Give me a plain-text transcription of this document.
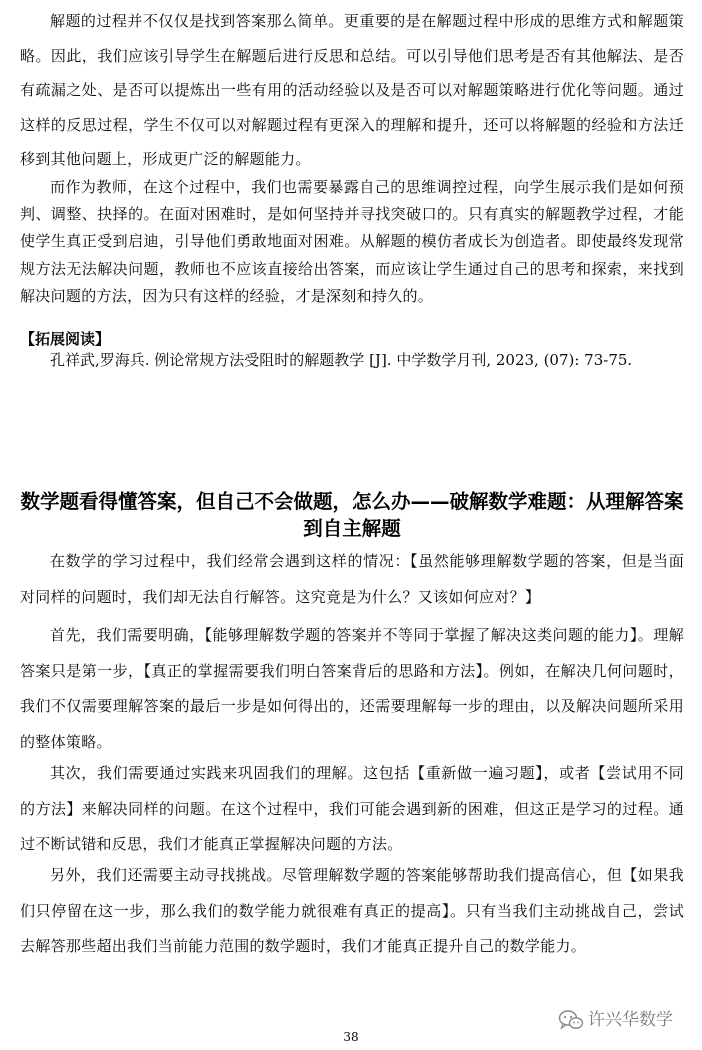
解题的过程并不仅仅是找到答案那么简单。更重要的是在解题过程中形成的思维方式和解题策略。因此，我们应该引导学生在解题后进行反思和总结。可以引导他们思考是否有其他解法、是否有疏漏之处、是否可以提炼出一些有用的活动经验以及是否可以对解题策略进行优化等问题。通过这样的反思过程，学生不仅可以对解题过程有更深入的理解和提升，还可以将解题的经验和方法迁移到其他问题上，形成更广泛的解题能力。

而作为教师，在这个过程中，我们也需要暴露自己的思维调控过程，向学生展示我们是如何预判、调整、抉择的。在面对困难时，是如何坚持并寻找突破口的。只有真实的解题教学过程，才能使学生真正受到启迪，引导他们勇敢地面对困难。从解题的模仿者成长为创造者。即使最终发现常规方法无法解决问题，教师也不应该直接给出答案，而应该让学生通过自己的思考和探索，来找到解决问题的方法，因为只有这样的经验，才是深刻和持久的。

【拓展阅读】
孔祥武,罗海兵. 例论常规方法受阻时的解题教学 [J]. 中学数学月刊, 2023, (07): 73-75.
数学题看得懂答案，但自己不会做题，怎么办——破解数学难题：从理解答案到自主解题

在数学的学习过程中，我们经常会遇到这样的情况：【虽然能够理解数学题的答案，但是当面对同样的问题时，我们却无法自行解答。这究竟是为什么？又该如何应对？】

首先，我们需要明确，【能够理解数学题的答案并不等同于掌握了解决这类问题的能力】。理解答案只是第一步，【真正的掌握需要我们明白答案背后的思路和方法】。例如，在解决几何问题时，我们不仅需要理解答案的最后一步是如何得出的，还需要理解每一步的理由，以及解决问题所采用的整体策略。

其次，我们需要通过实践来巩固我们的理解。这包括【重新做一遍习题】，或者【尝试用不同的方法】来解决同样的问题。在这个过程中，我们可能会遇到新的困难，但这正是学习的过程。通过不断试错和反思，我们才能真正掌握解决问题的方法。

另外，我们还需要主动寻找挑战。尽管理解数学题的答案能够帮助我们提高信心，但【如果我们只停留在这一步，那么我们的数学能力就很难有真正的提高】。只有当我们主动挑战自己，尝试去解答那些超出我们当前能力范围的数学题时，我们才能真正提升自己的数学能力。

38
许兴华数学
